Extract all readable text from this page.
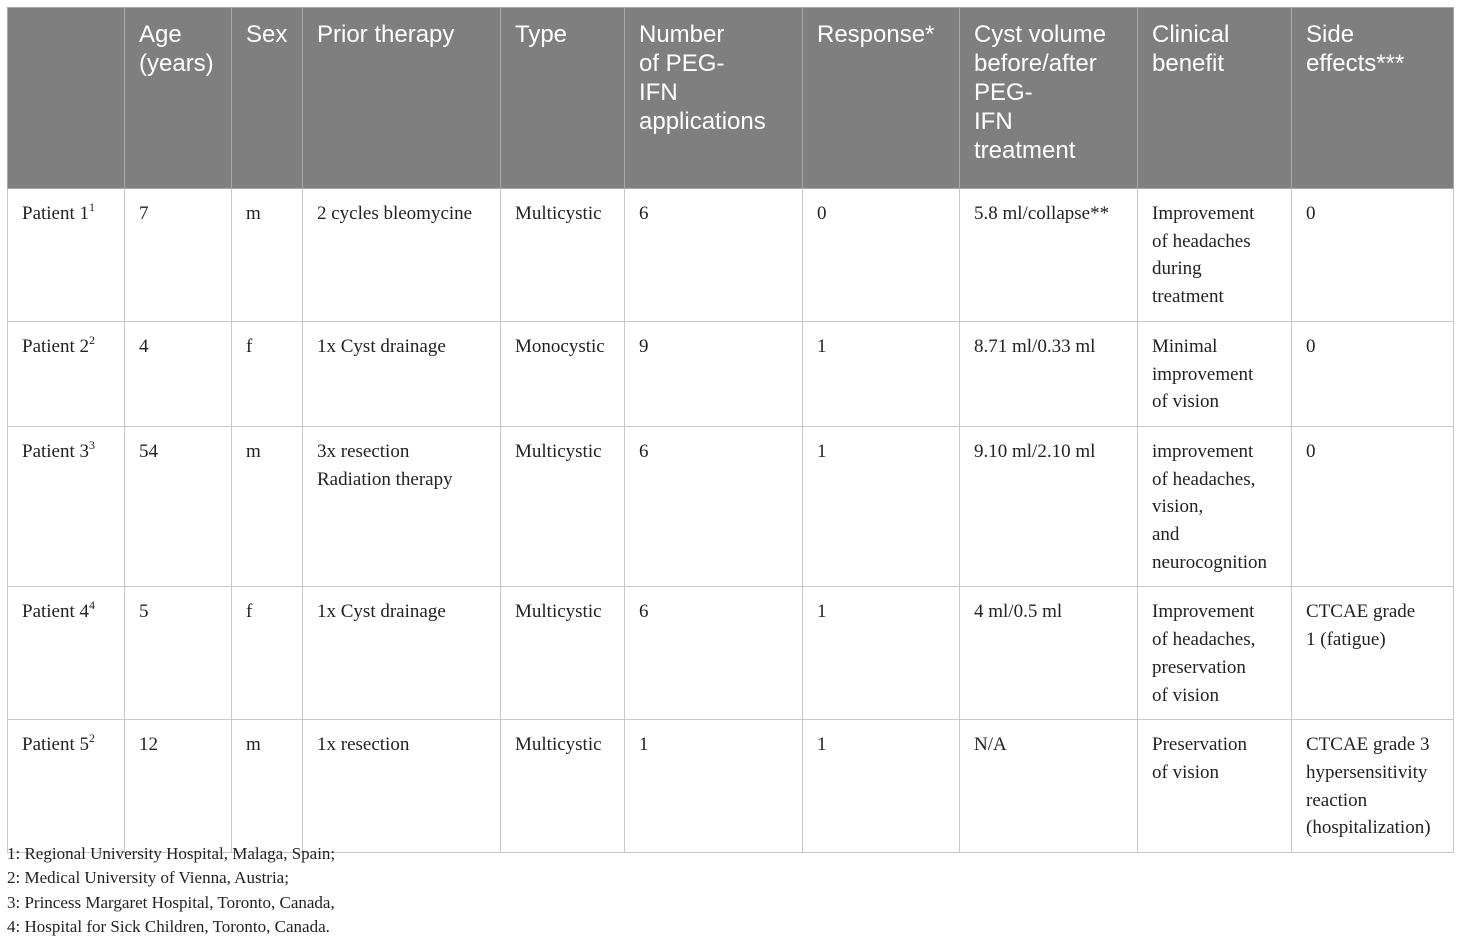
	Age
(years)	Sex	Prior therapy	Type	Number
of PEG-
IFN
applications	Response*	Cyst volume
before/after
PEG-
IFN
treatment	Clinical
benefit	Side
effects***

Patient $1^1$	7	m	2 cycles bleomycine	Multicystic	6	0	5.8 ml/collapse**	Improvement
of headaches
during
treatment	0

Patient $2^2$	4	f	1x Cyst drainage	Monocystic	9	1	8.71 ml/0.33 ml	Minimal
improvement
of vision	0

Patient $3^3$	54	m	3x resection
Radiation therapy	Multicystic	6	1	9.10 ml/2.10 ml	improvement
of headaches,
vision,
and
neurocognition	0

Patient $4^4$	5	f	1x Cyst drainage	Multicystic	6	1	4 ml/0.5 ml	Improvement
of headaches,
preservation
of vision	CTCAE grade
1 (fatigue)

Patient $5^2$	12	m	1x resection	Multicystic	1	1	N/A	Preservation
of vision	CTCAE grade 3
hypersensitivity
reaction
(hospitalization)
1: Regional University Hospital, Malaga, Spain;
2: Medical University of Vienna, Austria;
3: Princess Margaret Hospital, Toronto, Canada,
4: Hospital for Sick Children, Toronto, Canada.
